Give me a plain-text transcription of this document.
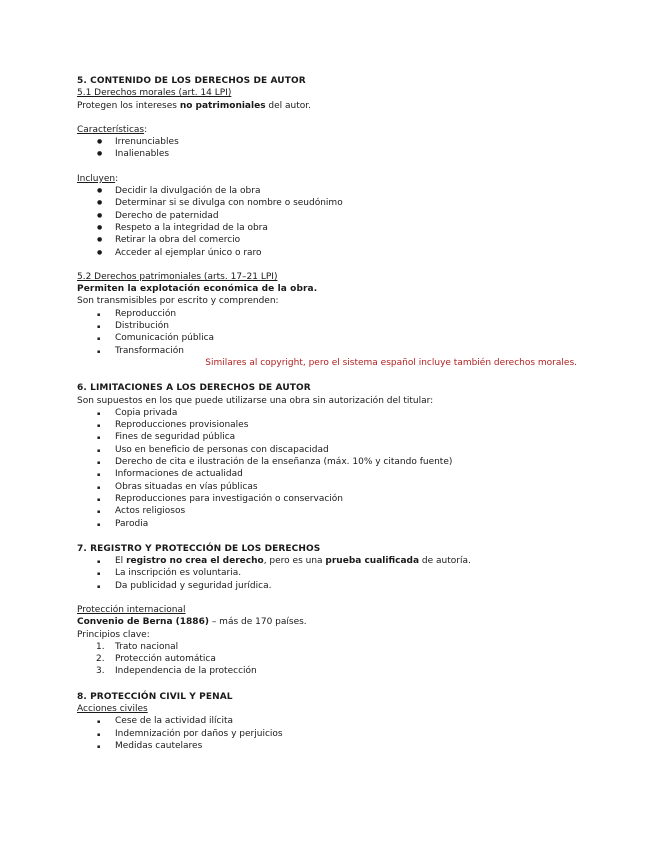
5. CONTENIDO DE LOS DERECHOS DE AUTOR

5.1 Derechos morales (art. 14 LPI)

Protegen los intereses no patrimoniales del autor.

Características:

● Irrenunciables
● Inalienables

Incluyen:

● Decidir la divulgación de la obra
● Determinar si se divulga con nombre o seudónimo
● Derecho de paternidad
● Respeto a la integridad de la obra
● Retirar la obra del comercio
● Acceder al ejemplar único o raro

5.2 Derechos patrimoniales (arts. 17–21 LPI)

Permiten la explotación económica de la obra.

Son transmisibles por escrito y comprenden:

▪ Reproducción
▪ Distribución
▪ Comunicación pública
▪ Transformación

Similares al copyright, pero el sistema español incluye también derechos morales.

6. LIMITACIONES A LOS DERECHOS DE AUTOR

Son supuestos en los que puede utilizarse una obra sin autorización del titular:

▪ Copia privada
▪ Reproducciones provisionales
▪ Fines de seguridad pública
▪ Uso en beneficio de personas con discapacidad
▪ Derecho de cita e ilustración de la enseñanza (máx. 10% y citando fuente)
▪ Informaciones de actualidad
▪ Obras situadas en vías públicas
▪ Reproducciones para investigación o conservación
▪ Actos religiosos
▪ Parodia

7. REGISTRO Y PROTECCIÓN DE LOS DERECHOS

▪ El registro no crea el derecho, pero es una prueba cualificada de autoría.
▪ La inscripción es voluntaria.
▪ Da publicidad y seguridad jurídica.

Protección internacional

Convenio de Berna (1886) – más de 170 países.

Principios clave:

1. Trato nacional
2. Protección automática
3. Independencia de la protección

8. PROTECCIÓN CIVIL Y PENAL

Acciones civiles

▪ Cese de la actividad ilícita
▪ Indemnización por daños y perjuicios
▪ Medidas cautelares
